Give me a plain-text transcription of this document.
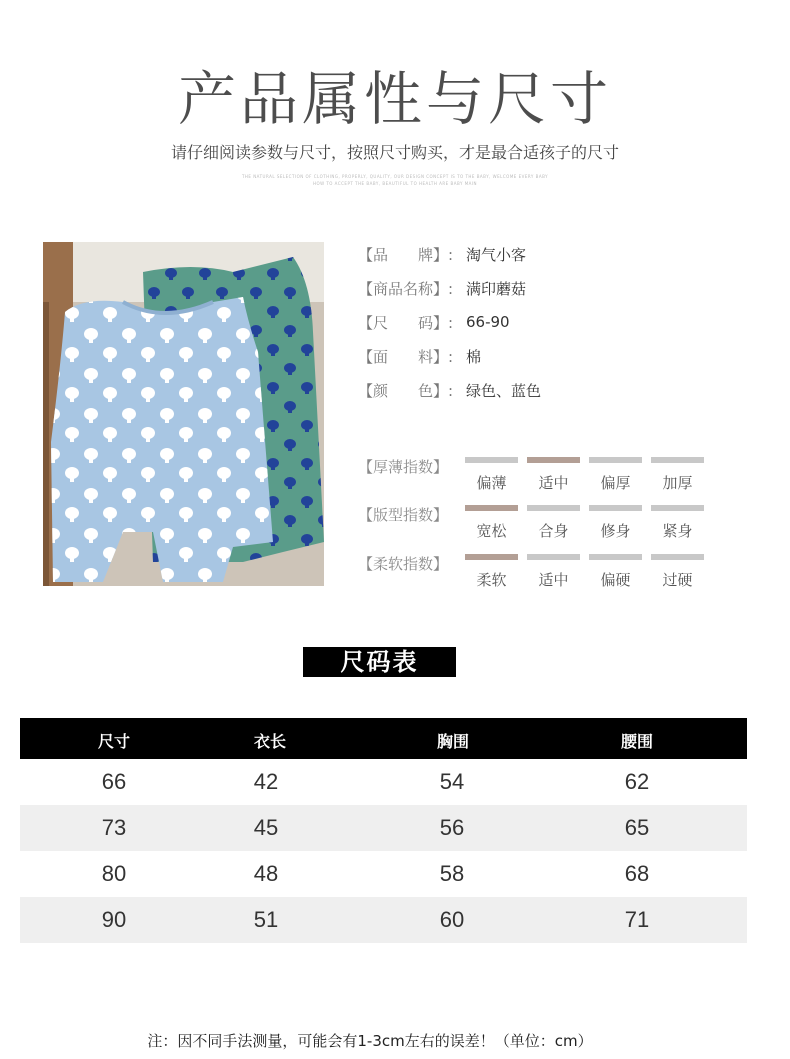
产品属性与尺寸
请仔细阅读参数与尺寸，按照尺寸购买，才是最合适孩子的尺寸
THE NATURAL SELECTION OF CLOTHING, PROPERLY, QUALITY, OUR DESIGN CONCEPT IS TO THE BABY, WELCOME EVERY BABY
HOW TO ACCEPT THE BABY, BEAUTIFUL TO HEALTH ARE BABY MAIN
【品　　牌】: 淘气小客
【商品名称】: 满印蘑菇
【尺　　码】: 66-90
【面　　料】: 棉
【颜　　色】: 绿色、蓝色
【厚薄指数】
偏薄	适中	偏厚	加厚
【版型指数】
宽松	合身	修身	紧身
【柔软指数】
柔软	适中	偏硬	过硬
尺码表
尺寸	衣长	胸围	腰围
66	42	54	62
73	45	56	65
80	48	58	68
90	51	60	71
注：因不同手法测量，可能会有1-3cm左右的误差！（单位：cm）
